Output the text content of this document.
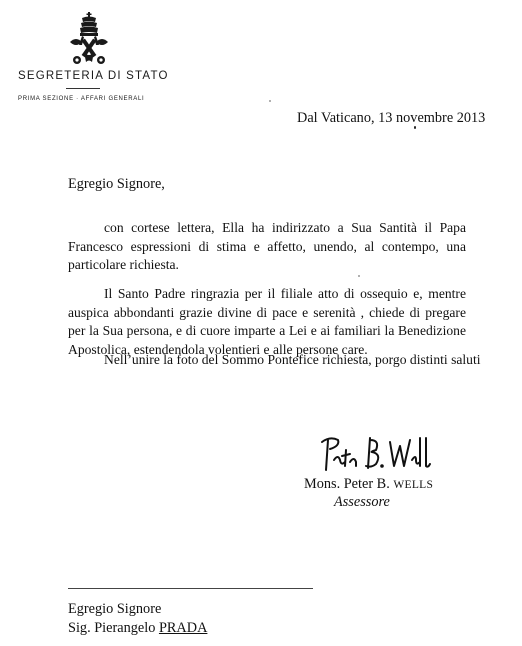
SEGRETERIA DI STATO
PRIMA SEZIONE · AFFARI GENERALI
Dal Vaticano, 13 novembre 2013
Egregio Signore,

con cortese lettera, Ella ha indirizzato a Sua Santità il Papa Francesco espressioni di stima e affetto, unendo, al contempo, una particolare richiesta.

Il Santo Padre ringrazia per il filiale atto di ossequio e, mentre auspica abbondanti grazie divine di pace e serenità , chiede di pregare per la Sua persona, e di cuore imparte a Lei e ai familiari la Benedizione Apostolica, estendendola volentieri e alle persone care.

Nell’unire la foto del Sommo Pontefice richiesta, porgo distinti saluti

Mons. Peter B. WELLS
Assessore
Egregio Signore
Sig. Pierangelo PRADA
